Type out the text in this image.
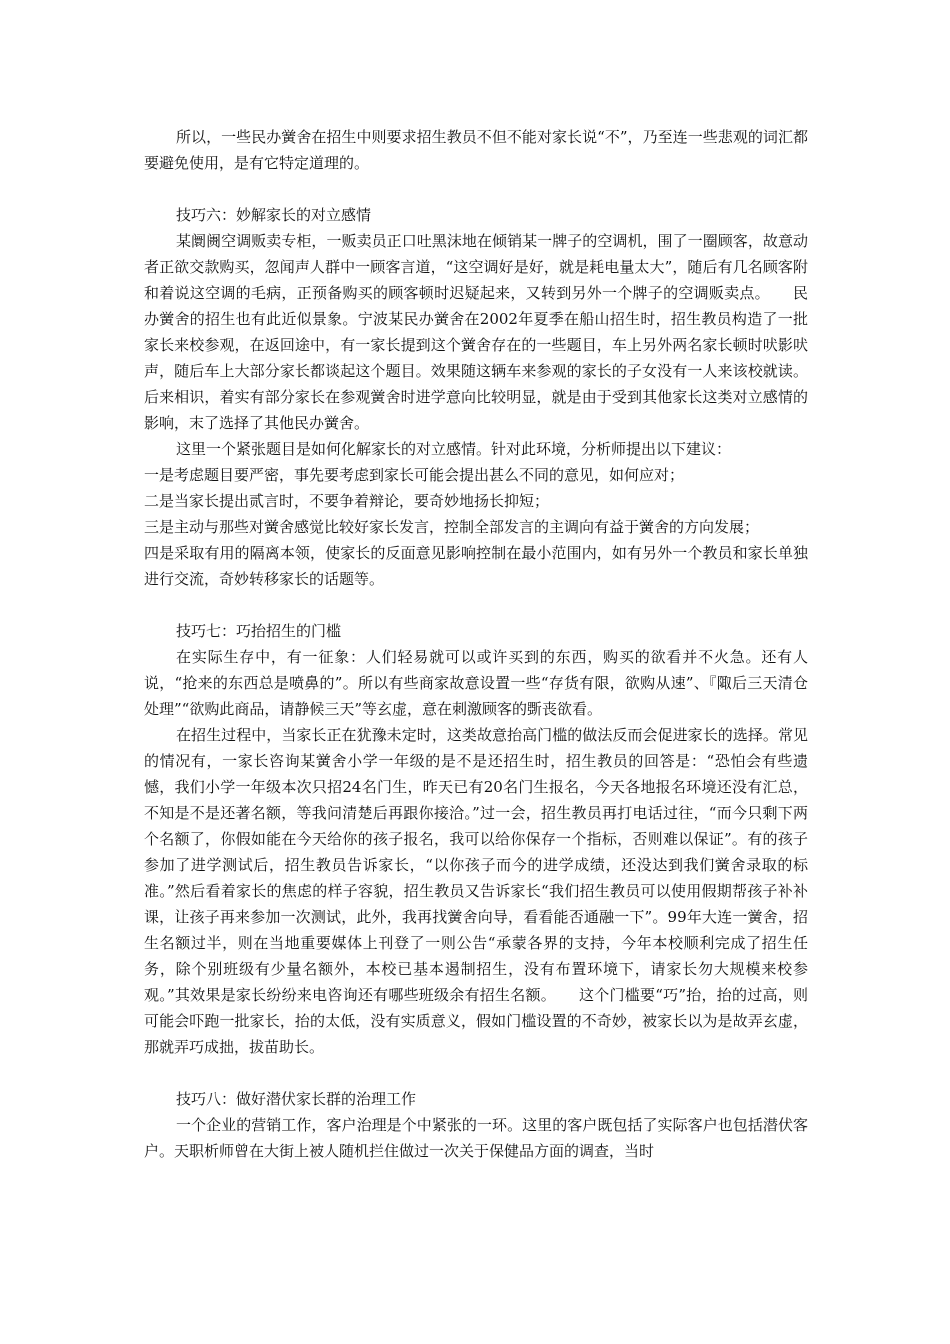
所以，一些民办黉舍在招生中则要求招生教员不但不能对家长说“不”，乃至连一些悲观的词汇都要避免使用，是有它特定道理的。

技巧六：妙解家长的对立感情

某阛阓空调贩卖专柜，一贩卖员正口吐黑沫地在倾销某一牌子的空调机，围了一圈顾客，故意动者正欲交款购买，忽闻声人群中一顾客言道，“这空调好是好，就是耗电量太大”，随后有几名顾客附和着说这空调的毛病，正预备购买的顾客顿时迟疑起来，又转到另外一个牌子的空调贩卖点。　　民办黉舍的招生也有此近似景象。宁波某民办黉舍在2002年夏季在船山招生时，招生教员构造了一批家长来校参观，在返回途中，有一家长提到这个黉舍存在的一些题目，车上另外两名家长顿时吠影吠声，随后车上大部分家长都谈起这个题目。效果随这辆车来参观的家长的子女没有一人来该校就读。后来相识，着实有部分家长在参观黉舍时进学意向比较明显，就是由于受到其他家长这类对立感情的影响，末了选择了其他民办黉舍。

这里一个紧张题目是如何化解家长的对立感情。针对此环境，分析师提出以下建议：

一是考虑题目要严密，事先要考虑到家长可能会提出甚么不同的意见，如何应对；

二是当家长提出贰言时，不要争着辩论，要奇妙地扬长抑短；

三是主动与那些对黉舍感觉比较好家长发言，控制全部发言的主调向有益于黉舍的方向发展；

四是采取有用的隔离本领，使家长的反面意见影响控制在最小范围内，如有另外一个教员和家长单独进行交流，奇妙转移家长的话题等。

技巧七：巧抬招生的门槛

在实际生存中，有一征象：人们轻易就可以或许买到的东西，购买的欲看并不火急。还有人说，“抢来的东西总是喷鼻的”。所以有些商家故意设置一些“存货有限，欲购从速”、『陬后三天清仓处理”“欲购此商品，请静候三天”等玄虚，意在刺激顾客的斲丧欲看。

在招生过程中，当家长正在犹豫未定时，这类故意抬高门槛的做法反而会促进家长的选择。常见的情况有，一家长咨询某黉舍小学一年级的是不是还招生时，招生教员的回答是：“恐怕会有些遗憾，我们小学一年级本次只招24名门生，昨天已有20名门生报名，今天各地报名环境还没有汇总，不知是不是还著名额，等我问清楚后再跟你接洽。”过一会，招生教员再打电话过往，“而今只剩下两个名额了，你假如能在今天给你的孩子报名，我可以给你保存一个指标，否则难以保证”。有的孩子参加了进学测试后，招生教员告诉家长，“以你孩子而今的进学成绩，还没达到我们黉舍录取的标准。”然后看着家长的焦虑的样子容貌，招生教员又告诉家长“我们招生教员可以使用假期帮孩子补补课，让孩子再来参加一次测试，此外，我再找黉舍向导，看看能否通融一下”。99年大连一黉舍，招生名额过半，则在当地重要媒体上刊登了一则公告“承蒙各界的支持，今年本校顺利完成了招生任务，除个别班级有少量名额外，本校已基本遏制招生，没有布置环境下，请家长勿大规模来校参观。”其效果是家长纷纷来电咨询还有哪些班级余有招生名额。　　这个门槛要“巧”抬，抬的过高，则可能会吓跑一批家长，抬的太低，没有实质意义，假如门槛设置的不奇妙，被家长以为是故弄玄虚，那就弄巧成拙，拔苗助长。

技巧八：做好潜伏家长群的治理工作

一个企业的营销工作，客户治理是个中紧张的一环。这里的客户既包括了实际客户也包括潜伏客户。天职析师曾在大街上被人随机拦住做过一次关于保健品方面的调查，当时
